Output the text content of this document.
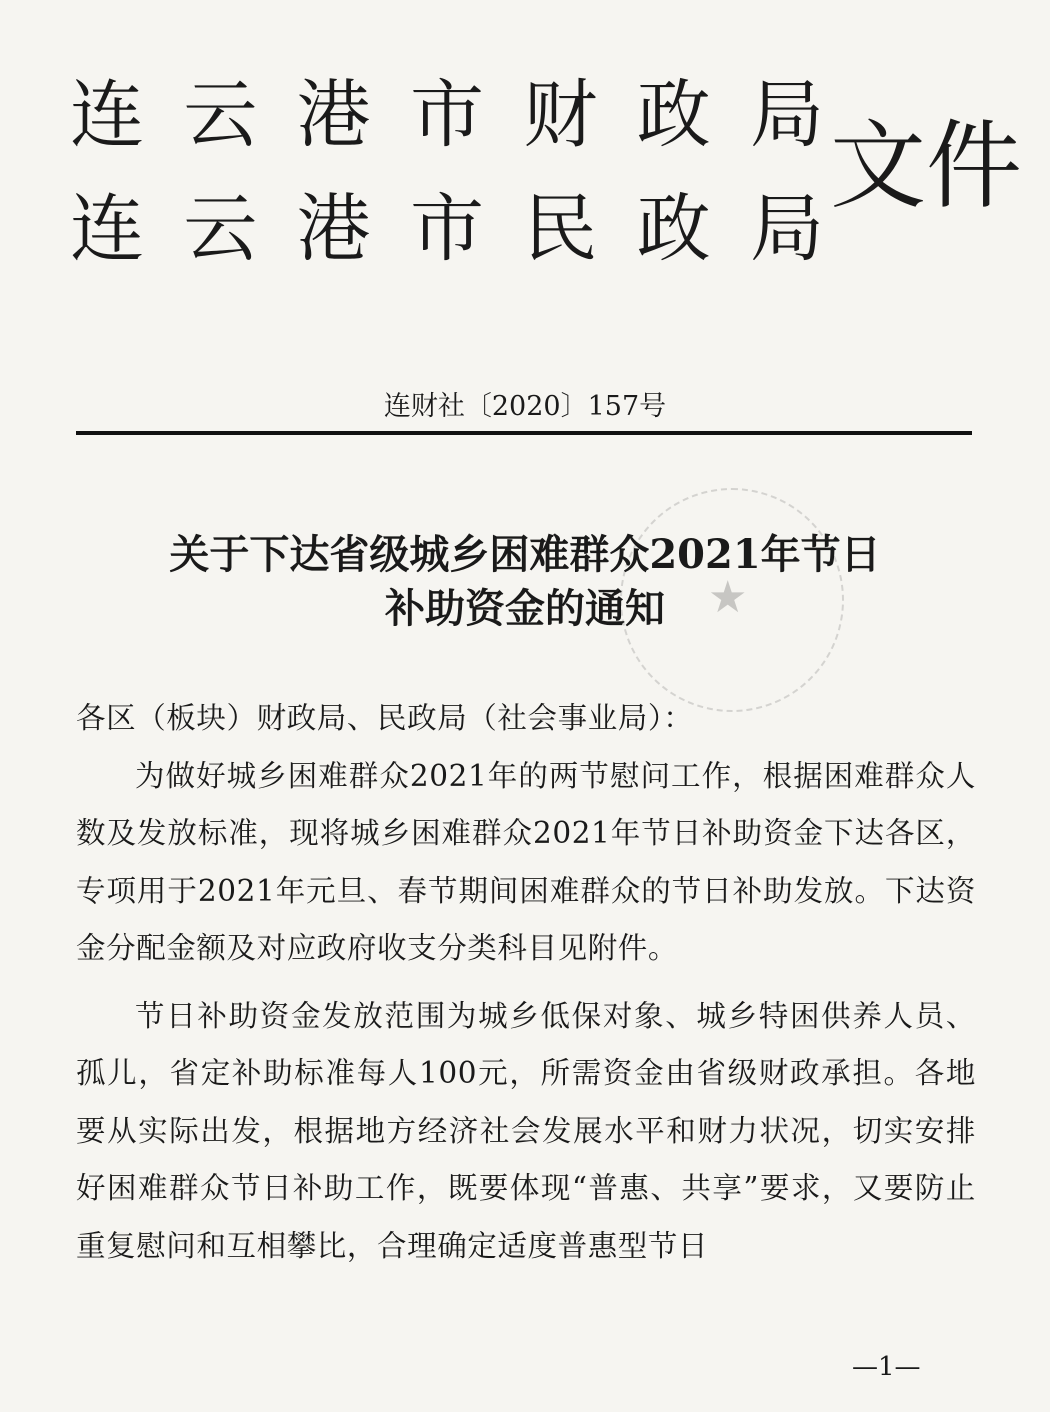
连 云 港 市 财 政 局
连 云 港 市 民 政 局
文件
连财社〔2020〕157号
★
关于下达省级城乡困难群众2021年节日
补助资金的通知

各区（板块）财政局、民政局（社会事业局）：

为做好城乡困难群众2021年的两节慰问工作，根据困难群众人数及发放标准，现将城乡困难群众2021年节日补助资金下达各区，专项用于2021年元旦、春节期间困难群众的节日补助发放。下达资金分配金额及对应政府收支分类科目见附件。

节日补助资金发放范围为城乡低保对象、城乡特困供养人员、孤儿，省定补助标准每人100元，所需资金由省级财政承担。各地要从实际出发，根据地方经济社会发展水平和财力状况，切实安排好困难群众节日补助工作，既要体现“普惠、共享”要求，又要防止重复慰问和互相攀比，合理确定适度普惠型节日

—1—
